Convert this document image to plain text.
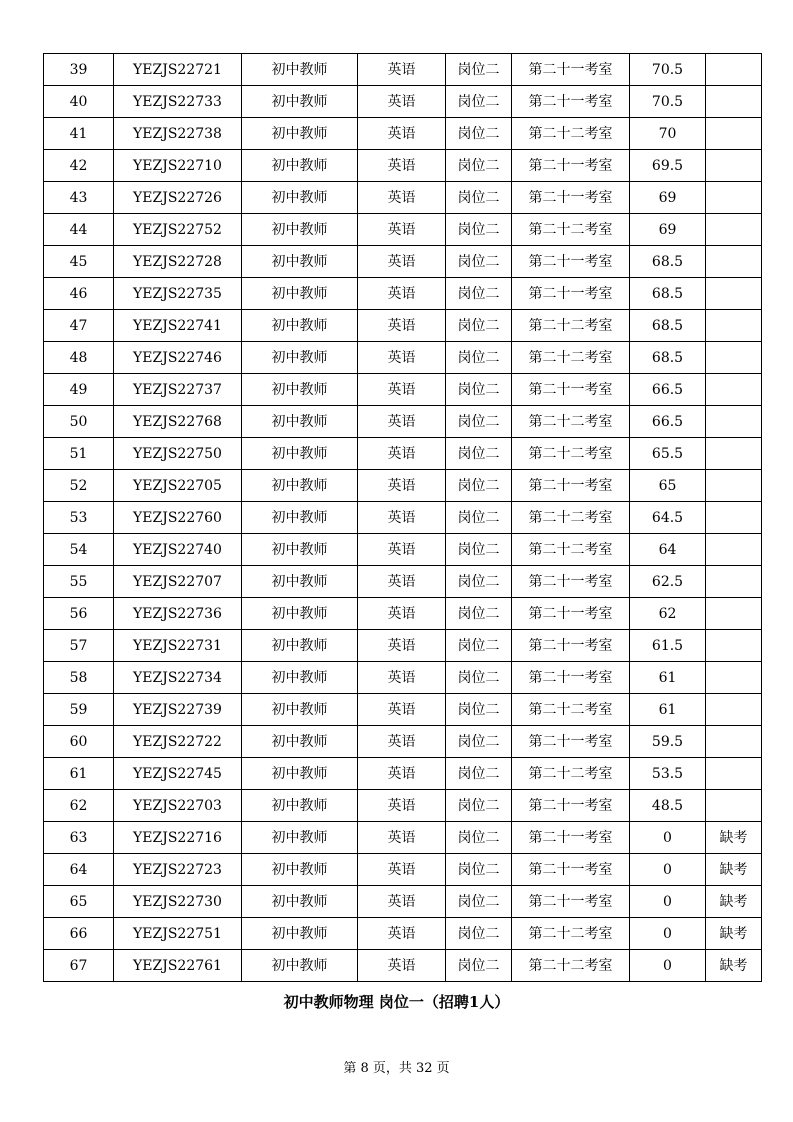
39	YEZJS22721	初中教师	英语	岗位二	第二十一考室	70.5	
40	YEZJS22733	初中教师	英语	岗位二	第二十一考室	70.5	
41	YEZJS22738	初中教师	英语	岗位二	第二十二考室	70	
42	YEZJS22710	初中教师	英语	岗位二	第二十一考室	69.5	
43	YEZJS22726	初中教师	英语	岗位二	第二十一考室	69	
44	YEZJS22752	初中教师	英语	岗位二	第二十二考室	69	
45	YEZJS22728	初中教师	英语	岗位二	第二十一考室	68.5	
46	YEZJS22735	初中教师	英语	岗位二	第二十一考室	68.5	
47	YEZJS22741	初中教师	英语	岗位二	第二十二考室	68.5	
48	YEZJS22746	初中教师	英语	岗位二	第二十二考室	68.5	
49	YEZJS22737	初中教师	英语	岗位二	第二十一考室	66.5	
50	YEZJS22768	初中教师	英语	岗位二	第二十二考室	66.5	
51	YEZJS22750	初中教师	英语	岗位二	第二十二考室	65.5	
52	YEZJS22705	初中教师	英语	岗位二	第二十一考室	65	
53	YEZJS22760	初中教师	英语	岗位二	第二十二考室	64.5	
54	YEZJS22740	初中教师	英语	岗位二	第二十二考室	64	
55	YEZJS22707	初中教师	英语	岗位二	第二十一考室	62.5	
56	YEZJS22736	初中教师	英语	岗位二	第二十一考室	62	
57	YEZJS22731	初中教师	英语	岗位二	第二十一考室	61.5	
58	YEZJS22734	初中教师	英语	岗位二	第二十一考室	61	
59	YEZJS22739	初中教师	英语	岗位二	第二十二考室	61	
60	YEZJS22722	初中教师	英语	岗位二	第二十一考室	59.5	
61	YEZJS22745	初中教师	英语	岗位二	第二十二考室	53.5	
62	YEZJS22703	初中教师	英语	岗位二	第二十一考室	48.5	
63	YEZJS22716	初中教师	英语	岗位二	第二十一考室	0	缺考
64	YEZJS22723	初中教师	英语	岗位二	第二十一考室	0	缺考
65	YEZJS22730	初中教师	英语	岗位二	第二十一考室	0	缺考
66	YEZJS22751	初中教师	英语	岗位二	第二十二考室	0	缺考
67	YEZJS22761	初中教师	英语	岗位二	第二十二考室	0	缺考
初中教师物理 岗位一（招聘1人）
第 8 页，共 32 页
